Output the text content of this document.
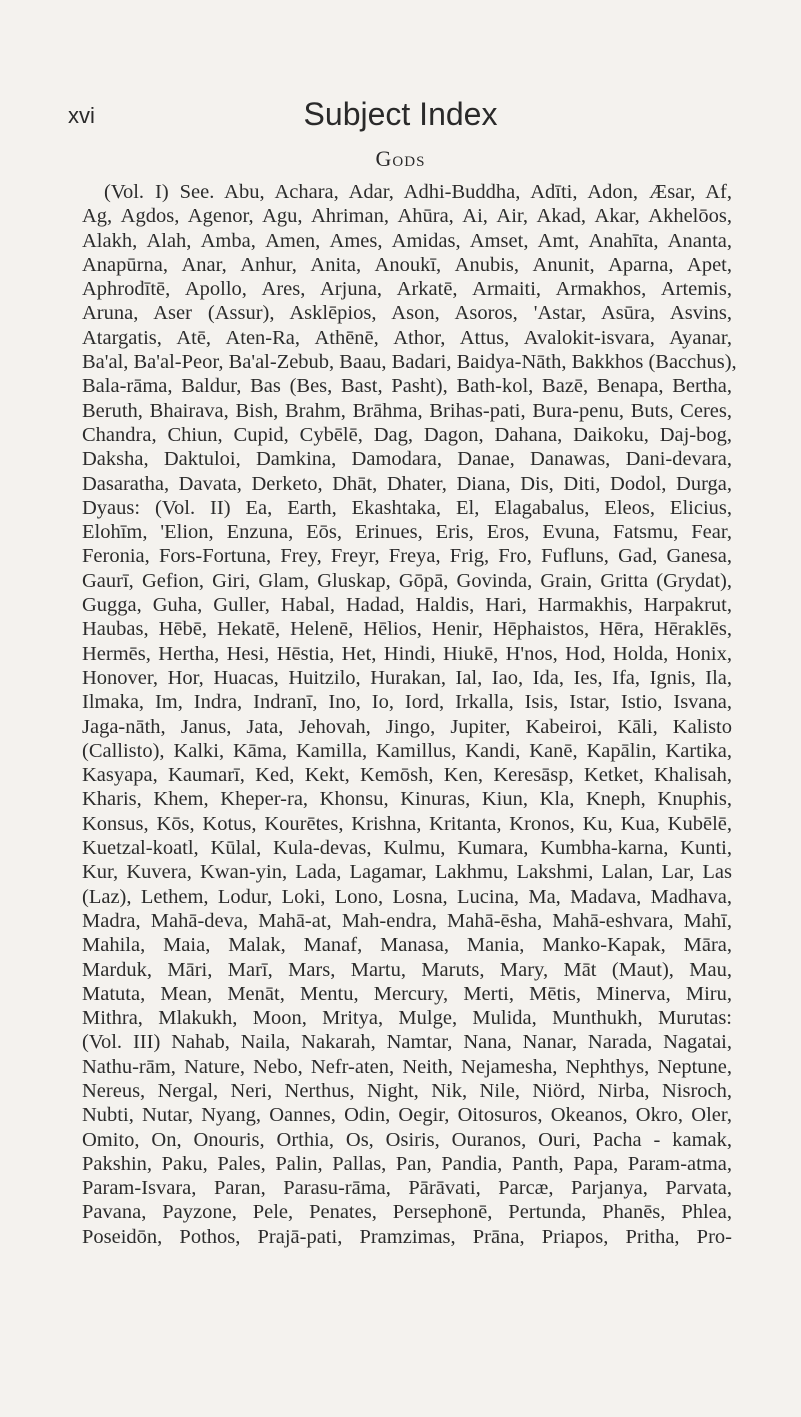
xvi	Subject Index
Gods
(Vol. I) See. Abu, Achara, Adar, Adhi-Buddha, Adīti, Adon, Æsar, Af,
Ag, Agdos, Agenor, Agu, Ahriman, Ahūra, Ai, Air, Akad, Akar, Akhelōos,
Alakh, Alah, Amba, Amen, Ames, Amidas, Amset, Amt, Anahīta, Ananta,
Anapūrna, Anar, Anhur, Anita, Anoukī, Anubis, Anunit, Aparna, Apet,
Aphrodītē, Apollo, Ares, Arjuna, Arkatē, Armaiti, Armakhos, Artemis,
Aruna, Aser (Assur), Asklēpios, Ason, Asoros, 'Astar, Asūra, Asvins,
Atargatis, Atē, Aten-Ra, Athēnē, Athor, Attus, Avalokit-isvara, Ayanar,
Ba'al, Ba'al-Peor, Ba'al-Zebub, Baau, Badari, Baidya-Nāth, Bakkhos (Bacchus),
Bala-rāma, Baldur, Bas (Bes, Bast, Pasht), Bath-kol, Bazē, Benapa, Bertha,
Beruth, Bhairava, Bish, Brahm, Brāhma, Brihas-pati, Bura-penu, Buts, Ceres,
Chandra, Chiun, Cupid, Cybēlē, Dag, Dagon, Dahana, Daikoku, Daj-bog,
Daksha, Daktuloi, Damkina, Damodara, Danae, Danawas, Dani-devara,
Dasaratha, Davata, Derketo, Dhāt, Dhater, Diana, Dis, Diti, Dodol, Durga,
Dyaus: (Vol. II) Ea, Earth, Ekashtaka, El, Elagabalus, Eleos, Elicius,
Elohīm, 'Elion, Enzuna, Eōs, Erinues, Eris, Eros, Evuna, Fatsmu, Fear,
Feronia, Fors-Fortuna, Frey, Freyr, Freya, Frig, Fro, Fufluns, Gad, Ganesa,
Gaurī, Gefion, Giri, Glam, Gluskap, Gōpā, Govinda, Grain, Gritta (Grydat),
Gugga, Guha, Guller, Habal, Hadad, Haldis, Hari, Harmakhis, Harpakrut,
Haubas, Hēbē, Hekatē, Helenē, Hēlios, Henir, Hēphaistos, Hēra, Hēraklēs,
Hermēs, Hertha, Hesi, Hēstia, Het, Hindi, Hiukē, H'nos, Hod, Holda, Honix,
Honover, Hor, Huacas, Huitzilo, Hurakan, Ial, Iao, Ida, Ies, Ifa, Ignis, Ila,
Ilmaka, Im, Indra, Indranī, Ino, Io, Iord, Irkalla, Isis, Istar, Istio, Isvana,
Jaga-nāth, Janus, Jata, Jehovah, Jingo, Jupiter, Kabeiroi, Kāli, Kalisto
(Callisto), Kalki, Kāma, Kamilla, Kamillus, Kandi, Kanē, Kapālin, Kartika,
Kasyapa, Kaumarī, Ked, Kekt, Kemōsh, Ken, Keresāsp, Ketket, Khalisah,
Kharis, Khem, Kheper-ra, Khonsu, Kinuras, Kiun, Kla, Kneph, Knuphis,
Konsus, Kōs, Kotus, Kourētes, Krishna, Kritanta, Kronos, Ku, Kua, Kubēlē,
Kuetzal-koatl, Kūlal, Kula-devas, Kulmu, Kumara, Kumbha-karna, Kunti,
Kur, Kuvera, Kwan-yin, Lada, Lagamar, Lakhmu, Lakshmi, Lalan, Lar, Las
(Laz), Lethem, Lodur, Loki, Lono, Losna, Lucina, Ma, Madava, Madhava,
Madra, Mahā-deva, Mahā-at, Mah-endra, Mahā-ēsha, Mahā-eshvara, Mahī,
Mahila, Maia, Malak, Manaf, Manasa, Mania, Manko-Kapak, Māra,
Marduk, Māri, Marī, Mars, Martu, Maruts, Mary, Māt (Maut), Mau,
Matuta, Mean, Menāt, Mentu, Mercury, Merti, Mētis, Minerva, Miru,
Mithra, Mlakukh, Moon, Mritya, Mulge, Mulida, Munthukh, Murutas:
(Vol. III) Nahab, Naila, Nakarah, Namtar, Nana, Nanar, Narada, Nagatai,
Nathu-rām, Nature, Nebo, Nefr-aten, Neith, Nejamesha, Nephthys, Neptune,
Nereus, Nergal, Neri, Nerthus, Night, Nik, Nile, Niörd, Nirba, Nisroch,
Nubti, Nutar, Nyang, Oannes, Odin, Oegir, Oitosuros, Okeanos, Okro, Oler,
Omito, On, Onouris, Orthia, Os, Osiris, Ouranos, Ouri, Pacha - kamak,
Pakshin, Paku, Pales, Palin, Pallas, Pan, Pandia, Panth, Papa, Param-atma,
Param-Isvara, Paran, Parasu-rāma, Pārāvati, Parcæ, Parjanya, Parvata,
Pavana, Payzone, Pele, Penates, Persephonē, Pertunda, Phanēs, Phlea,
Poseidōn, Pothos, Prajā-pati, Pramzimas, Prāna, Priapos, Pritha, Pro-
